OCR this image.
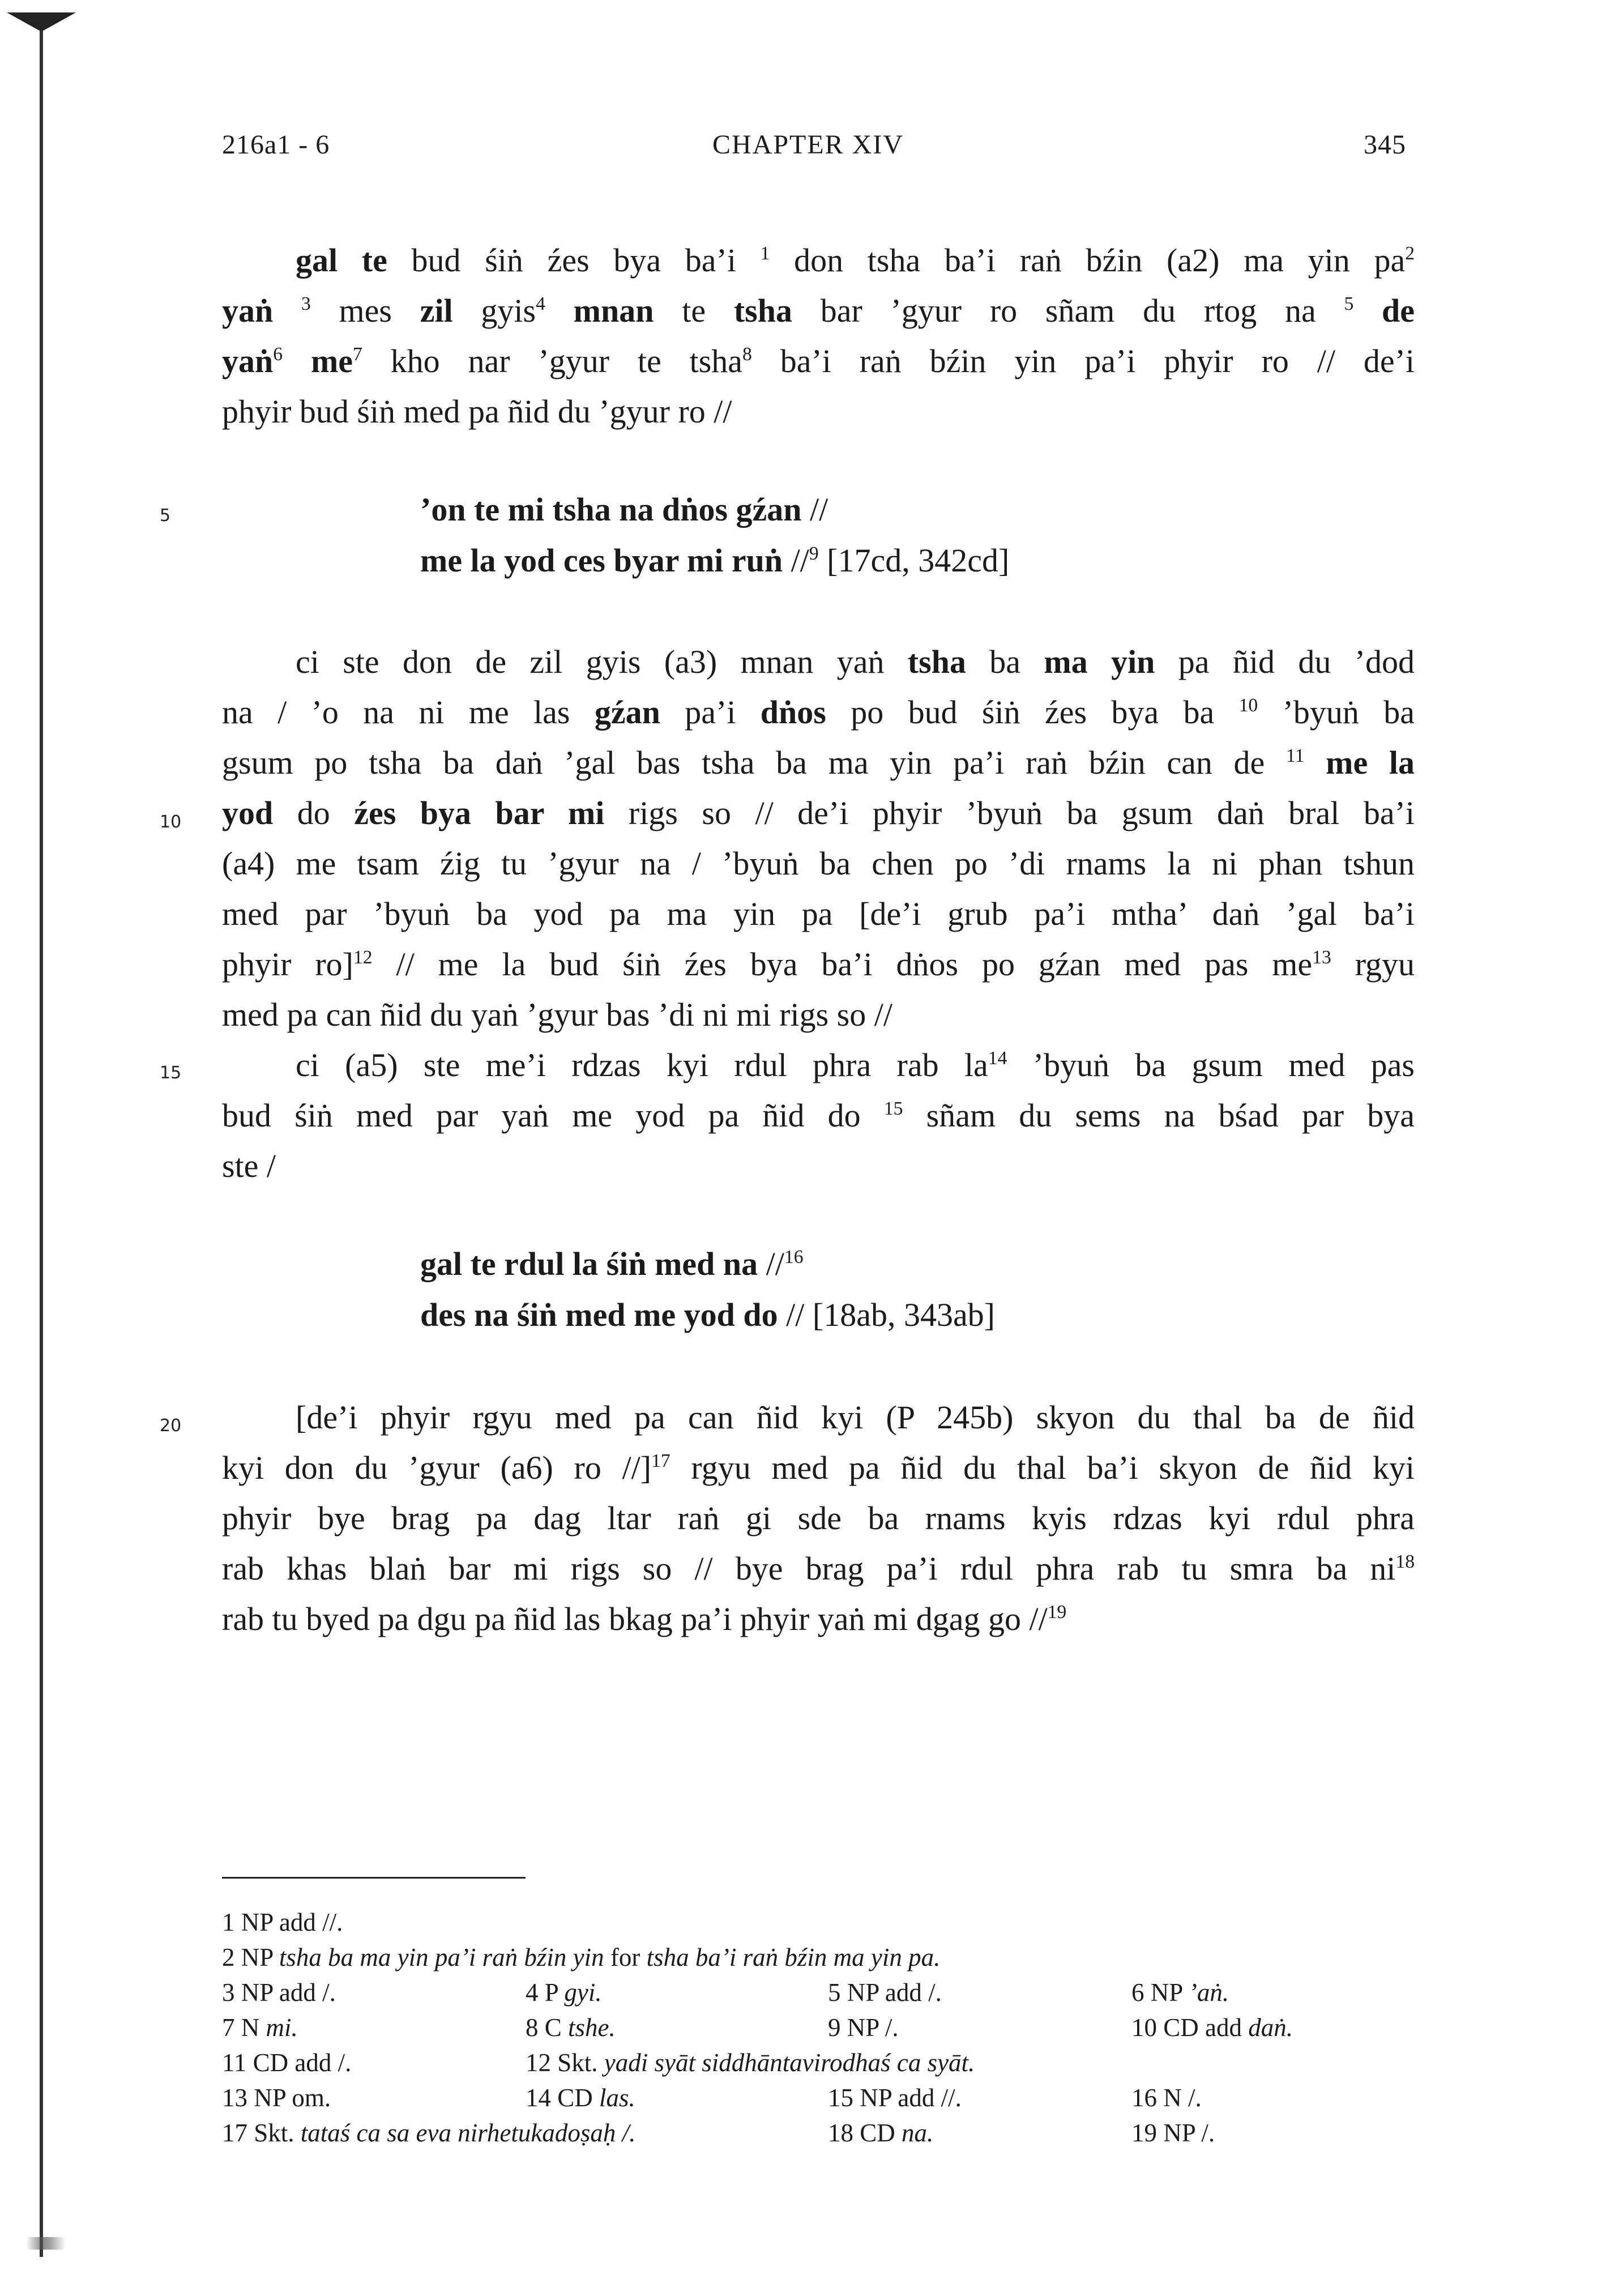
216a1 - 6	CHAPTER XIV	345
5
10
15
20
gal te bud śiṅ źes bya ba’i $^1$ don tsha ba’i raṅ bźin (a2) ma yin $pa^2$
yaṅ $^3$ mes zil gyis$^4$ mnan te tsha bar ’gyur ro sñam du rtog na $^5$ de
yaṅ$^6$ $me^7$ kho nar ’gyur te tsha$^8$ ba’i raṅ bźin yin pa’i phyir ro // de’i
phyir bud śiṅ med pa ñid du ’gyur ro //
’on te mi tsha na dṅos gźan //
me la yod ces byar mi ruṅ //$^9$ [17cd, 342cd]
ci ste don de zil gyis (a3) mnan yaṅ tsha ba ma yin pa ñid du ’dod
na / ’o na ni me las gźan pa’i dṅos po bud śiṅ źes bya ba $^{10}$ ’byuṅ ba
gsum po tsha ba daṅ ’gal bas tsha ba ma yin pa’i raṅ bźin can de $^{11}$ me la
yod do źes bya bar mi rigs so // de’i phyir ’byuṅ ba gsum daṅ bral ba’i
(a4) me tsam źig tu ’gyur na / ’byuṅ ba chen po ’di rnams la ni phan tshun
med par ’byuṅ ba yod pa ma yin pa [de’i grub pa’i mtha’ daṅ ’gal ba’i
phyir ro]$^{12}$ // me la bud śiṅ źes bya ba’i dṅos po gźan med pas $me^{13}$ rgyu
med pa can ñid du yaṅ ’gyur bas ’di ni mi rigs so //
ci (a5) ste me’i rdzas kyi rdul phra rab $la^{14}$ ’byuṅ ba gsum med pas
bud śiṅ med par yaṅ me yod pa ñid do $^{15}$ sñam du sems na bśad par bya
ste /
gal te rdul la śiṅ med na //$^{16}$
des na śiṅ med me yod do // [18ab, 343ab]
[de’i phyir rgyu med pa can ñid kyi (P 245b) skyon du thal ba de ñid
kyi don du ’gyur (a6) ro //]$^{17}$ rgyu med pa ñid du thal ba’i skyon de ñid kyi
phyir bye brag pa dag ltar raṅ gi sde ba rnams kyis rdzas kyi rdul phra
rab khas blaṅ bar mi rigs so // bye brag pa’i rdul phra rab tu smra ba $ni^{18}$
rab tu byed pa dgu pa ñid las bkag pa’i phyir yaṅ mi dgag go //$^{19}$
1 NP add //.
2 NP tsha ba ma yin pa’i raṅ bźin yin for tsha ba’i raṅ bźin ma yin pa.
3 NP add /.	4 P gyi.	5 NP add /.	6 NP ’aṅ.
7 N mi.	8 C tshe.	9 NP /.	10 CD add daṅ.
11 CD add /.	12 Skt. yadi syāt siddhāntavirodhaś ca syāt.
13 NP om.	14 CD las.	15 NP add //.	16 N /.
17 Skt. tataś ca sa eva nirhetukadoṣaḥ /.	18 CD na.	19 NP /.
